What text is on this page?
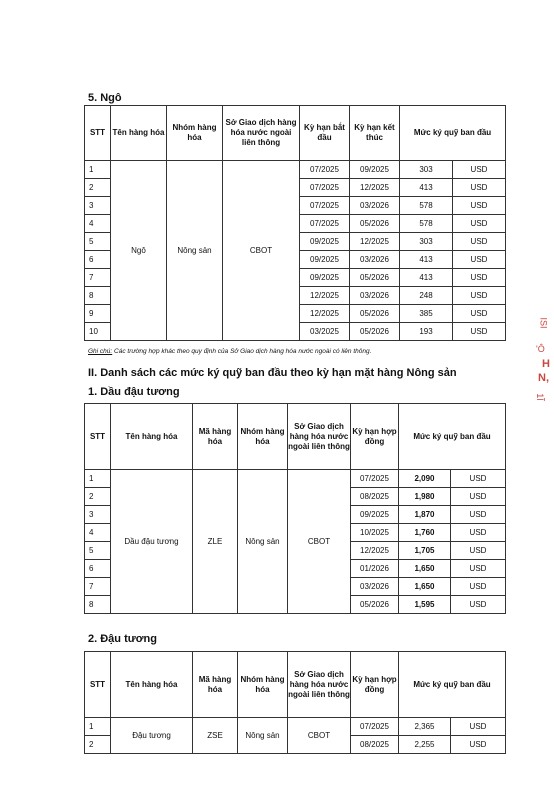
5. Ngô
STT	Tên hàng hóa	Nhóm hàng hóa	Sở Giao dịch hàng hóa nước ngoài liên thông	Kỳ hạn bắt đầu	Kỳ hạn kết thúc	Mức ký quỹ ban đầu	
1	Ngô	Nông sản	CBOT	07/2025	09/2025	303	USD
2				07/2025	12/2025	413	USD
3				07/2025	03/2026	578	USD
4				07/2025	05/2026	578	USD
5				09/2025	12/2025	303	USD
6				09/2025	03/2026	413	USD
7				09/2025	05/2026	413	USD
8				12/2025	03/2026	248	USD
9				12/2025	05/2026	385	USD
10				03/2025	05/2026	193	USD
Ghi chú: Các trường hợp khác theo quy định của Sở Giao dịch hàng hóa nước ngoài có liên thông.
II. Danh sách các mức ký quỹ ban đầu theo kỳ hạn mặt hàng Nông sản
1. Dầu đậu tương
STT	Tên hàng hóa	Mã hàng hóa	Nhóm hàng hóa	Sở Giao dịch hàng hóa nước ngoài liên thông	Kỳ hạn hợp đồng	Mức ký quỹ ban đầu	
1	Dầu đậu tương	ZLE	Nông sản	CBOT	07/2025	2,090	USD
2					08/2025	1,980	USD
3					09/2025	1,870	USD
4					10/2025	1,760	USD
5					12/2025	1,705	USD
6					01/2026	1,650	USD
7					03/2026	1,650	USD
8					05/2026	1,595	USD
2. Đậu tương
STT	Tên hàng hóa	Mã hàng hóa	Nhóm hàng hóa	Sở Giao dịch hàng hóa nước ngoài liên thông	Kỳ hạn hợp đồng	Mức ký quỹ ban đầu	
1	Đậu tương	ZSE	Nông sản	CBOT	07/2025	2,365	USD
2					08/2025	2,255	USD
ISI
'Ô
H
N,
1Ĩ
